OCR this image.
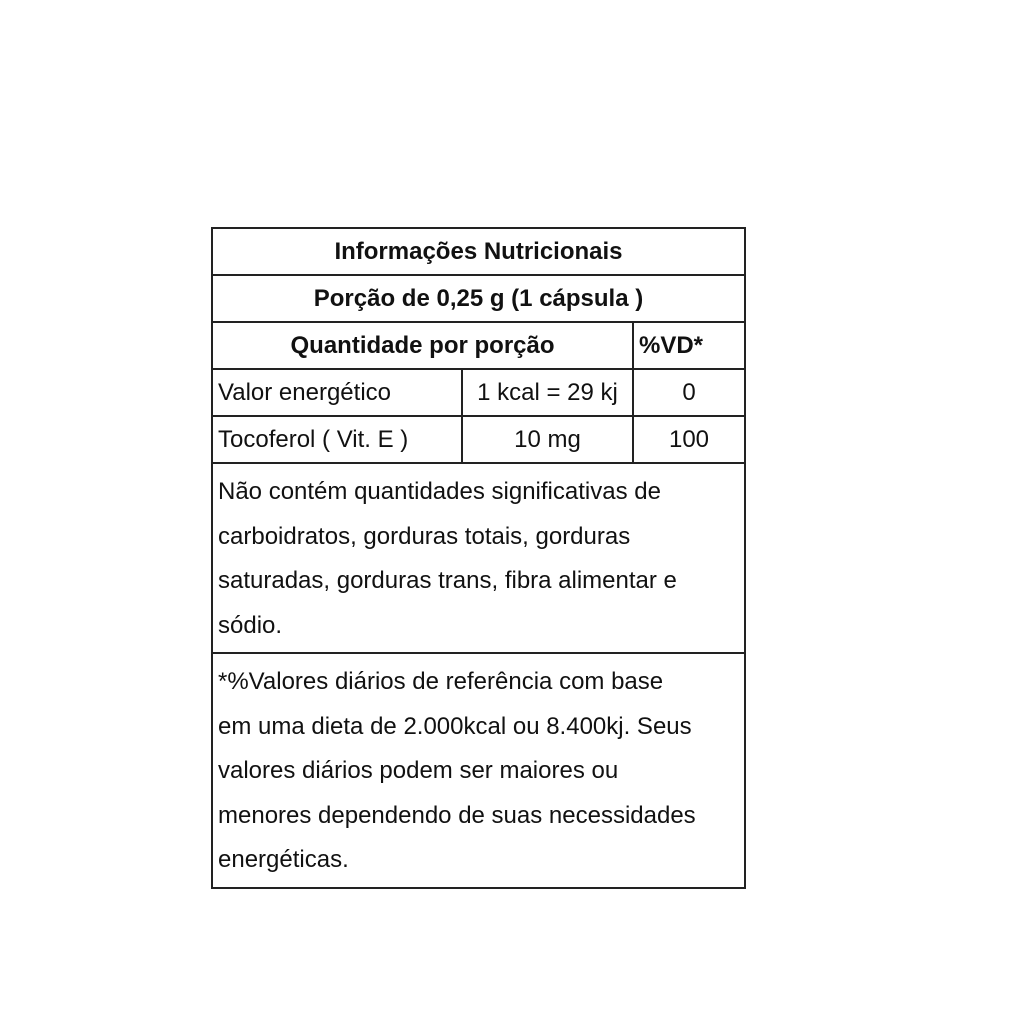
Informações Nutricionais
Porção de 0,25 g (1 cápsula )
Quantidade por porção	%VD*
Valor energético	1 kcal = 29 kj	0
Tocoferol ( Vit. E )	10 mg	100
Não contém quantidades significativas de
carboidratos, gorduras totais, gorduras
saturadas, gorduras trans, fibra alimentar e
sódio.
*%Valores diários de referência com base
em uma dieta de 2.000kcal ou 8.400kj. Seus
valores diários podem ser maiores ou
menores dependendo de suas necessidades
energéticas.
